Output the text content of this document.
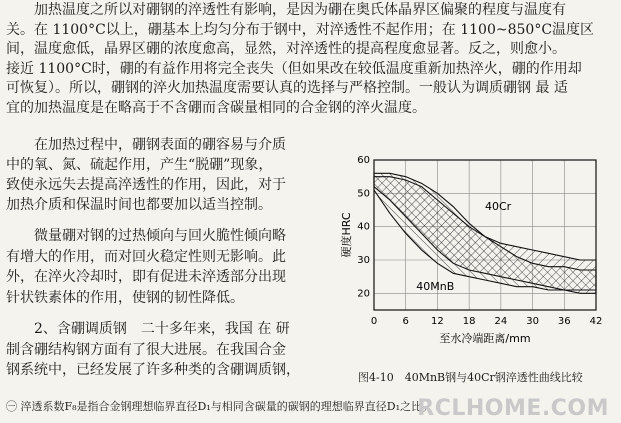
加热温度之所以对硼钢的淬透性有影响，是因为硼在奥氏体晶界区偏聚的程度与温度有
关。在 1100°C以上，硼基本上均匀分布于钢中，对淬透性不起作用；在 1100~850°C温度区
间，温度愈低，晶界区硼的浓度愈高，显然，对淬透性的提高程度愈显著。反之，则愈小。
接近 1100°C时，硼的有益作用将完全丧失（但如果改在较低温度重新加热淬火，硼的作用却
可恢复）。所以，硼钢的淬火加热温度需要认真的选择与严格控制。一般认为调质硼钢 最 适
宜的加热温度是在略高于不含硼而含碳量相同的合金钢的淬火温度。
在加热过程中，硼钢表面的硼容易与介质
中的氧、氮、硫起作用，产生“脱硼”现象，
致使永远失去提高淬透性的作用，因此，对于
加热介质和保温时间也都要加以适当控制。
微量硼对钢的过热倾向与回火脆性倾向略
有增大的作用，而对回火稳定性则无影响。此
外，在淬火冷却时，即有促进未淬透部分出现
针状铁素体的作用，使钢的韧性降低。
2、含硼调质钢　二十多年来，我国 在 研
制含硼结构钢方面有了很大进展。在我国合金
钢系统中，已经发展了许多种类的含硼调质钢，
0	6 12 18 24 30 36 42
20
30
40
50
60
硬度HRC
至水冷端距离/mm
40Cr
40MnB
图4-10　40MnB钢与40Cr钢淬透性曲线比较
㊀ 淬透系数F₈是指合金钢理想临界直径D₁与相同含碳量的碳钢的理想临界直径D₁之比。
RCLHOME.COM
